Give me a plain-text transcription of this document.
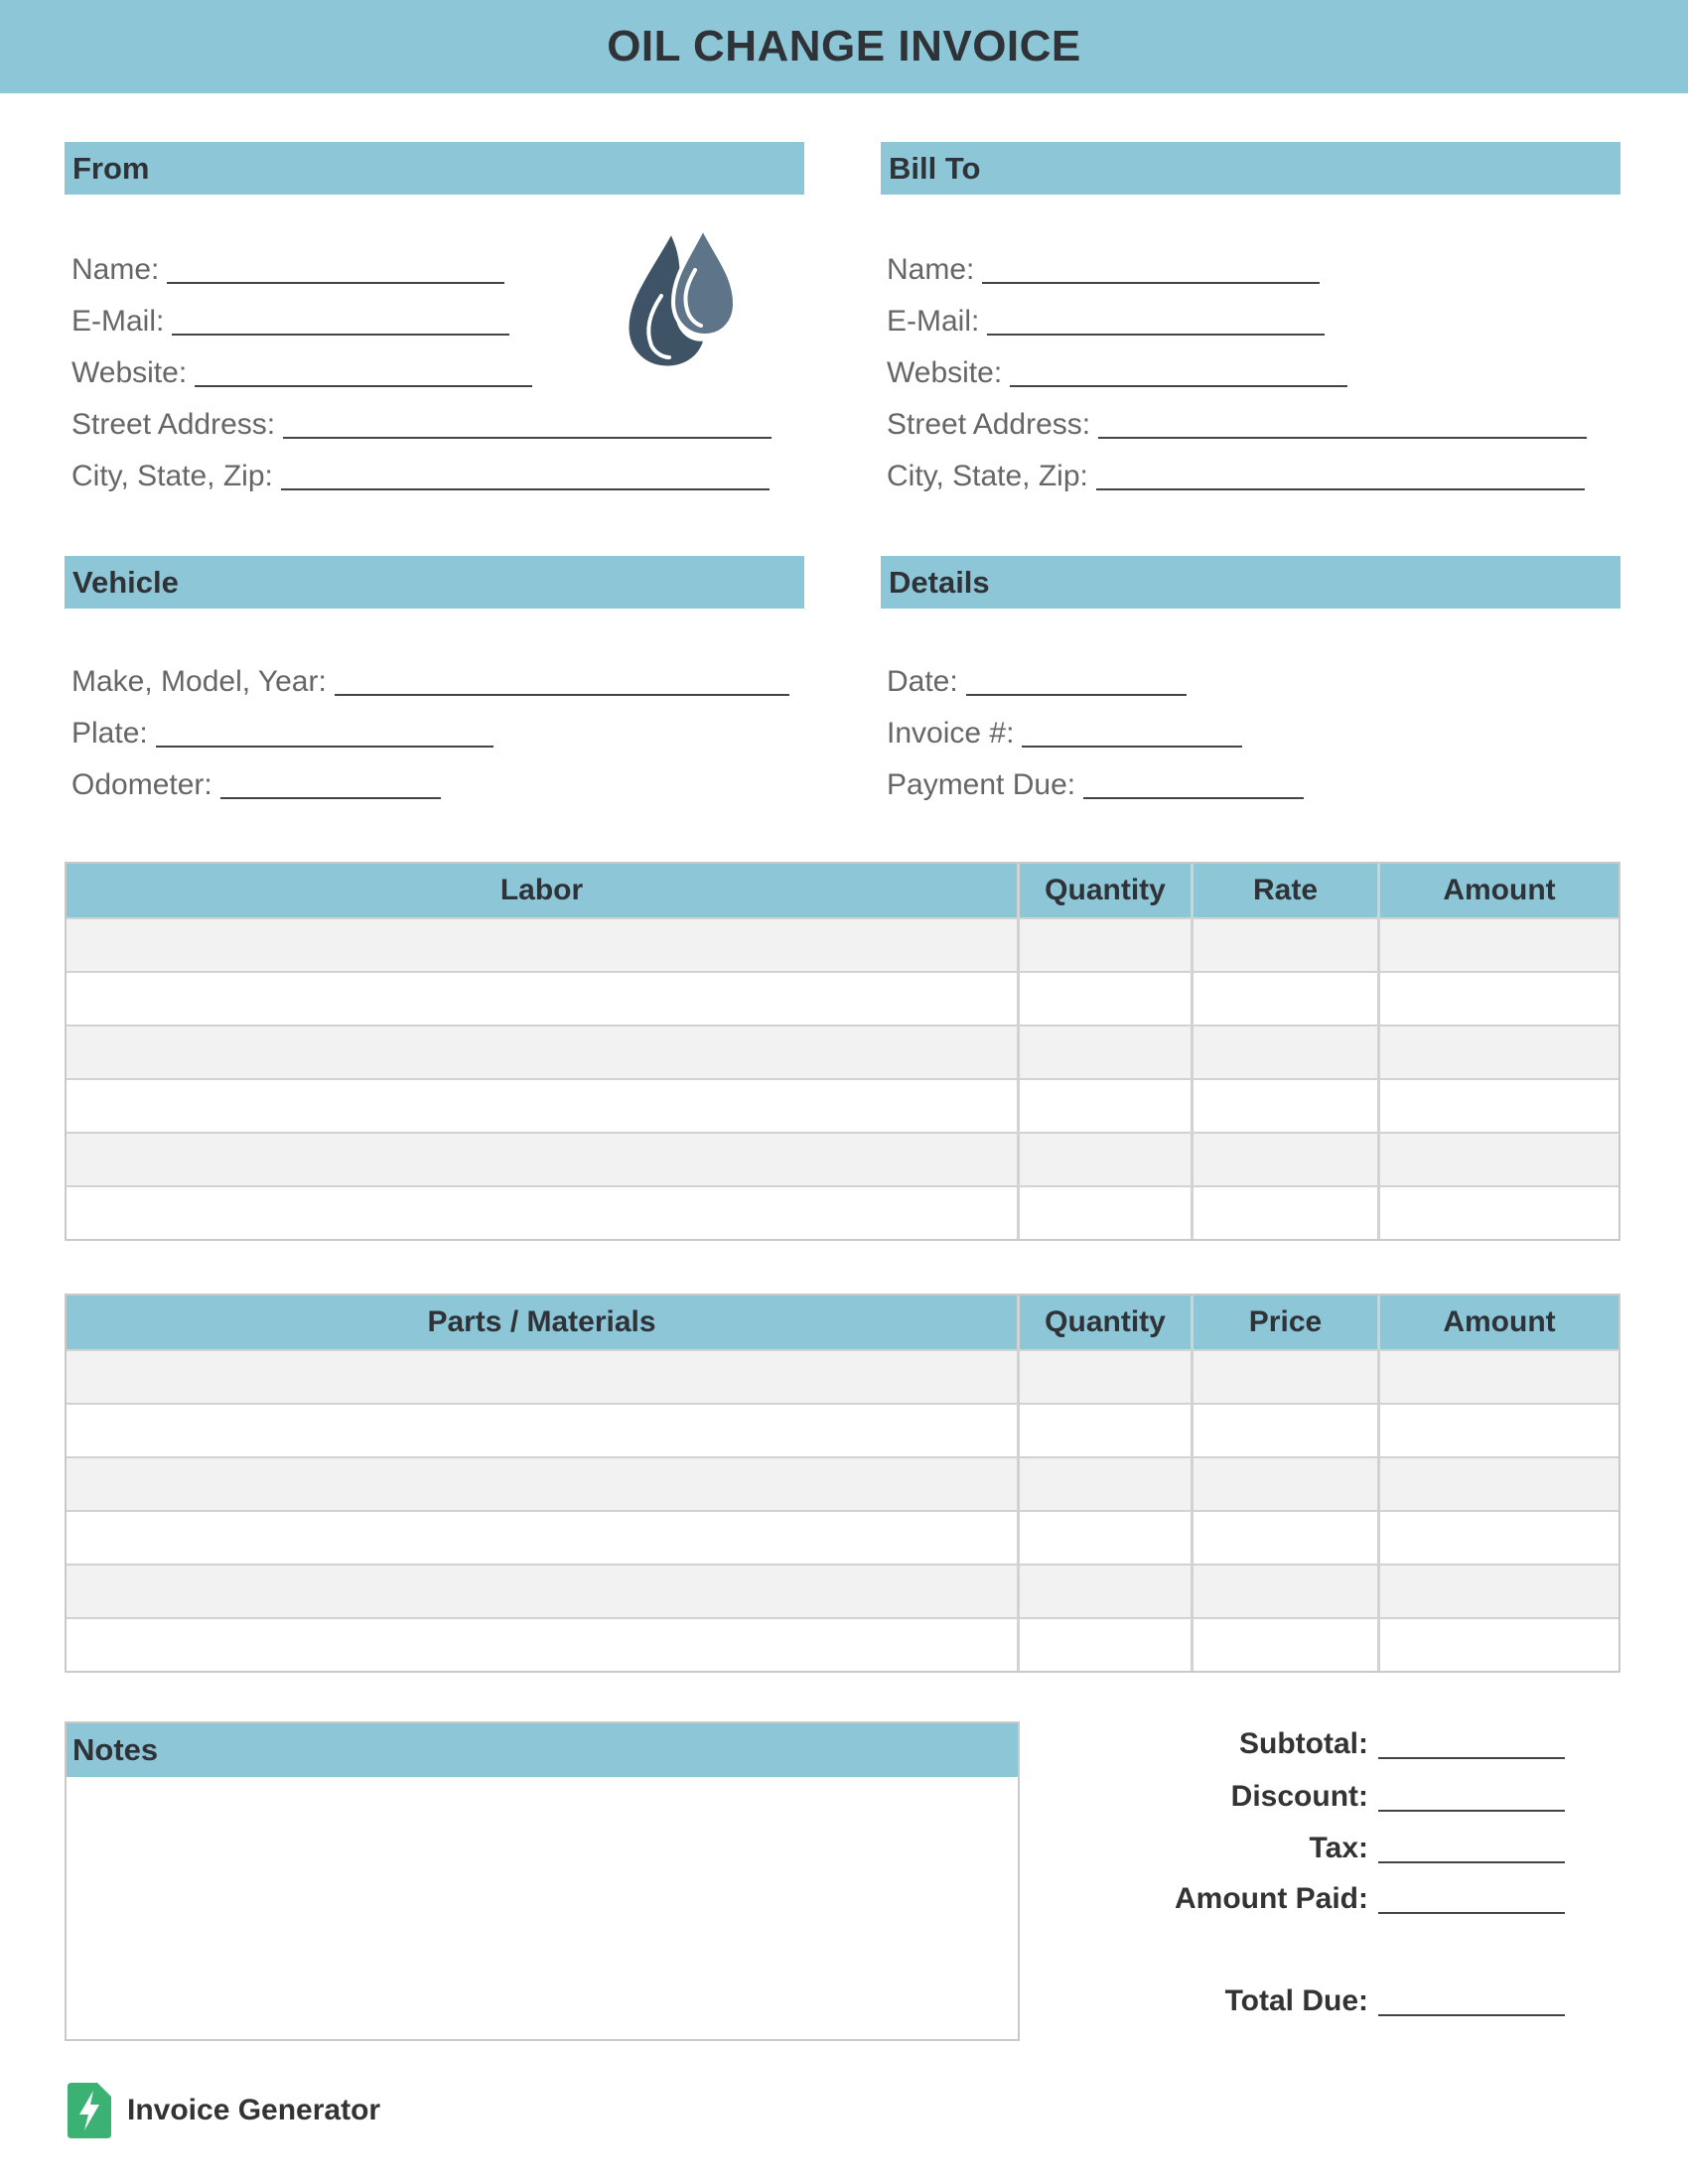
OIL CHANGE INVOICE
From
Name:
E-Mail:
Website:
Street Address:
City, State, Zip:
Bill To
Name:
E-Mail:
Website:
Street Address:
City, State, Zip:
Vehicle
Make, Model, Year:
Plate:
Odometer:
Details
Date:
Invoice #:
Payment Due:
Labor	Quantity	Rate	Amount
Parts / Materials	Quantity	Price	Amount
Notes	Subtotal:
Discount:
Tax:
Amount Paid:
Total Due:
Invoice Generator
